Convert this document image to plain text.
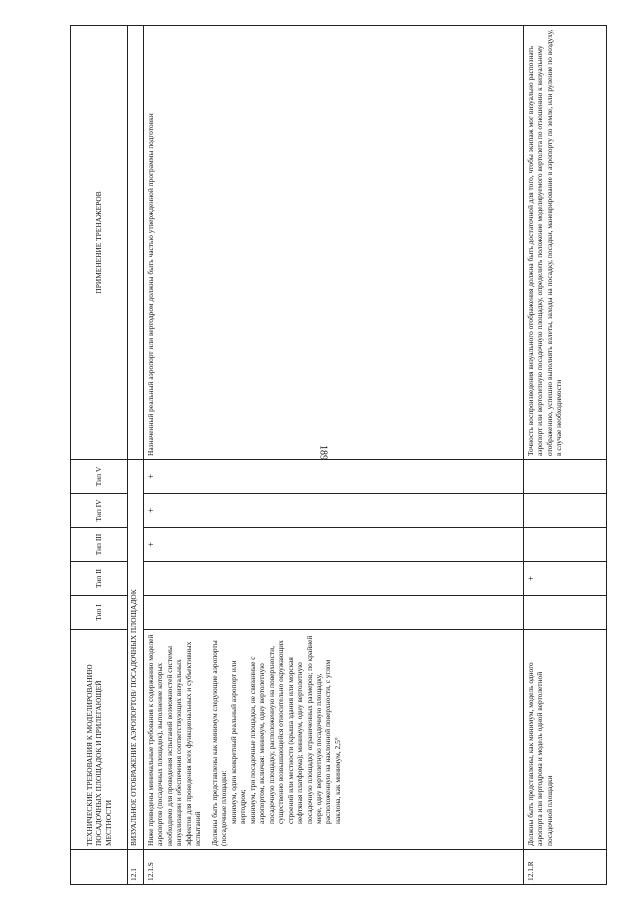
189
	ТЕХНИЧЕСКИЕ ТРЕБОВАНИЯ К МОДЕЛИРОВАНИЮ ПОСАДОЧНЫХ ПЛОЩАДОК И ПРИЛЕГАЮЩЕЙ МЕСТНОСТИ	Тип I	Тип II	Тип III	Тип IV	Тип V	ПРИМЕНЕНИЕ ТРЕНАЖЕРОВ
12.1	ВИЗУАЛЬНОЕ ОТОБРАЖЕНИЕ АЭРОПОРТОВ/ ПОСАДОЧНЫХ ПЛОЩАДОК						
12.1.S	Ниже приведены минимальные требования к содержанию моделей аэропортов (посадочных площадок), выполнение которых необходимо для проведения испытаний возможностей системы визуализации и обеспечения соответствующих визуальных эффектов для проведения всех функциональных и субъективных испытаний Должны быть представлены как минимум следующие аэропорты (посадочные площадки: минимум, один конкретный реальный аэропорт или вертодром; минимум, три посадочные площадки, не связанные с аэропортом, включая: минимум, одну вертолетную посадочную площадку, расположенную на поверхности, существенно возвышающейся относительно окружающих строений или местности (крыша здания или морская нефтяная платформа); минимум, одну вертолетную посадочную площадку ограниченных размеров; по крайней мере, одну вертолетную посадочную площадку, расположенную на наклонной поверхности, с углом наклона, как минимум, 2,5°			+	+	+	Назначенный реальный аэропорт или вертодром должны быть частью утвержденной программы подготовки
12.1.R	Должны быть представлены, как минимум, модель одного аэропорта или вертодрома и модель одной вертолетной посадочной площадки		+				Точность воспроизведения визуального отображения должна быть достаточной для того, чтобы экипаж мог визуально распознать аэропорт или вертолетную посадочную площадку, определить положение моделируемого вертолета по отношению к визуальному отображению, успешно выполнять взлеты, заходы на посадку, посадки, маневрирование в аэропорту по земле, или руление по воздуху, в случае необходимости
